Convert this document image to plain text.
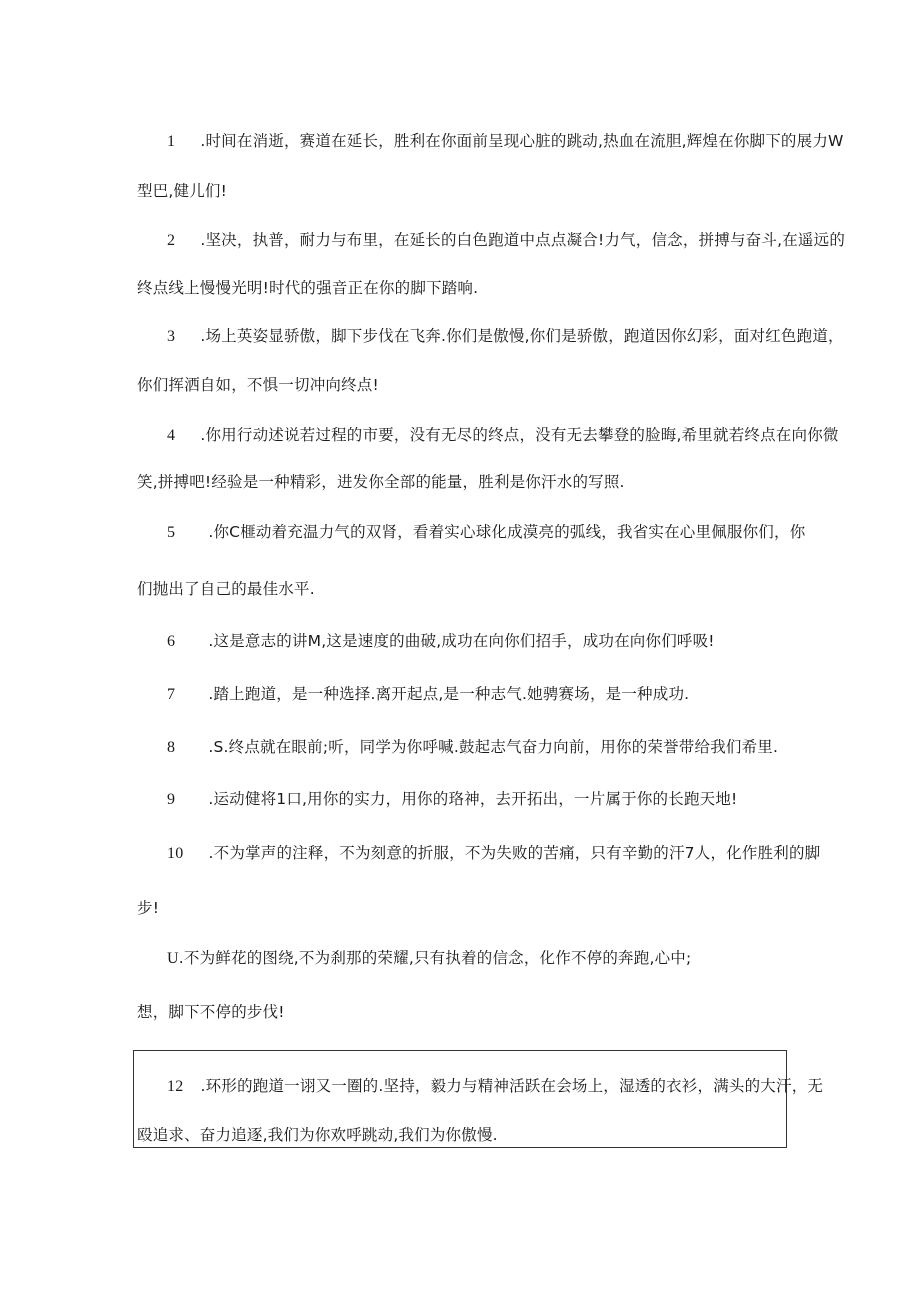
1 .时间在消逝，赛道在延长，胜利在你面前呈现心脏的跳动,热血在流胆,辉煌在你脚下的展力W
型巴,健儿们!
2 .坚决，执普，耐力与布里，在延长的白色跑道中点点凝合!力气，信念，拼搏与奋斗,在遥远的
终点线上慢慢光明!时代的强音正在你的脚下踏响.
3 .场上英姿显骄傲，脚下步伐在飞奔.你们是傲慢,你们是骄傲，跑道因你幻彩，面对红色跑道，
你们挥洒自如，不惧一切冲向终点!
4 .你用行动述说若过程的市要，没有无尽的终点，没有无去攀登的脸晦,希里就若终点在向你微
笑,拼搏吧!经验是一种精彩，进发你全部的能量，胜利是你汗水的写照.
5 .你C榧动着充温力气的双肾，看着实心球化成漠亮的弧线，我省实在心里佩服你们，你
们抛出了自己的最佳水平.
6 .这是意志的讲M,这是速度的曲破,成功在向你们招手，成功在向你们呼吸!
7 .踏上跑道，是一种选择.离开起点,是一种志气.她骋赛场，是一种成功.
8 .S.终点就在眼前;听，同学为你呼喊.鼓起志气奋力向前，用你的荣誉带给我们希里.
9 .运动健将1口,用你的实力，用你的珞神，去开拓出，一片属于你的长跑天地!
10 .不为掌声的注释，不为刻意的折服，不为失败的苦痛，只有辛勤的汗7人，化作胜利的脚
步!
U.不为鲜花的图绕,不为刹那的荣耀,只有执着的信念，化作不停的奔跑,心中;
想，脚下不停的步伐!
12 .环形的跑道一诩又一圈的.坚持，毅力与精神活跃在会场上，湿透的衣衫，满头的大汗，无
殴追求、奋力追逐,我们为你欢呼跳动,我们为你傲慢.
